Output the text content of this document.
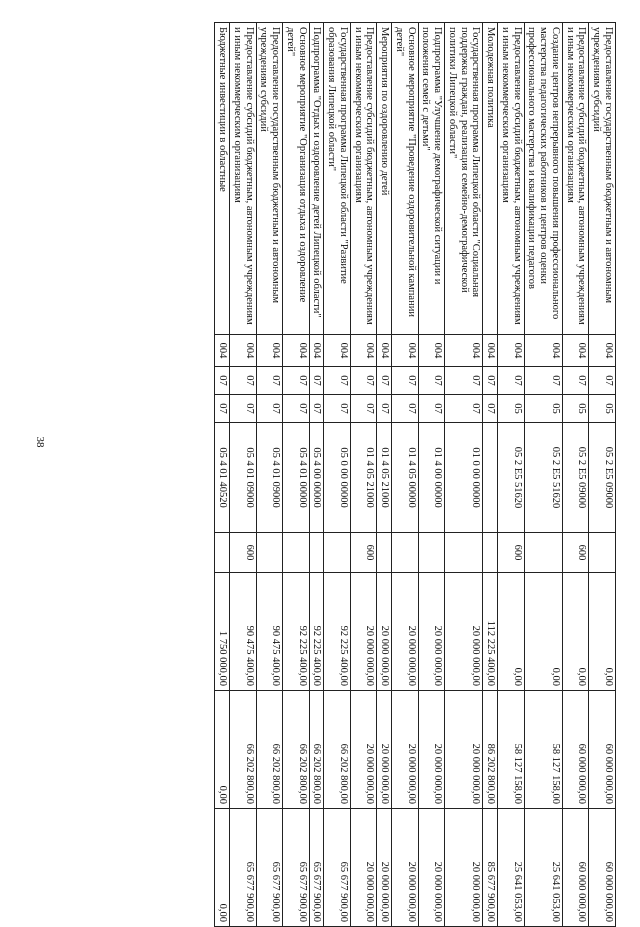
38
Предоставление государственным бюджетным и автономным учреждениям субсидий	004	07	05	05 2 E5 09000		0,00	60 000 000,00	60 000 000,00
Предоставление субсидий бюджетным, автономным учреждениям и иным некоммерческим организациям	004	07	05	05 2 E5 09000	600	0,00	60 000 000,00	60 000 000,00
Создание центров непрерывного повышения профессионального мастерства педагогических работников и центров оценки профессионального мастерства и квалификации педагогов	004	07	05	05 2 E5 51620		0,00	58 127 158,00	25 641 053,00
Предоставление субсидий бюджетным, автономным учреждениям и иным некоммерческим организациям	004	07	05	05 2 E5 51620	600	0,00	58 127 158,00	25 641 053,00
Молодежная политика	004	07	07			112 225 400,00	86 202 800,00	85 677 900,00
Государственная программа Липецкой области "Социальная поддержка граждан, реализация семейно-демографической политики Липецкой области"	004	07	07	01 0 00 00000		20 000 000,00	20 000 000,00	20 000 000,00
Подпрограмма "Улучшение демографической ситуации и положения семей с детьми"	004	07	07	01 4 00 00000		20 000 000,00	20 000 000,00	20 000 000,00
Основное мероприятие "Проведение оздоровительной кампании детей"	004	07	07	01 4 05 00000		20 000 000,00	20 000 000,00	20 000 000,00
Мероприятия по оздоровлению детей	004	07	07	01 4 05 21000		20 000 000,00	20 000 000,00	20 000 000,00
Предоставление субсидий бюджетным, автономным учреждениям и иным некоммерческим организациям	004	07	07	01 4 05 21000	600	20 000 000,00	20 000 000,00	20 000 000,00
Государственная программа Липецкой области "Развитие образования Липецкой области"	004	07	07	05 0 00 00000		92 225 400,00	66 202 800,00	65 677 900,00
Подпрограмма "Отдых и оздоровление детей Липецкой области"	004	07	07	05 4 00 00000		92 225 400,00	66 202 800,00	65 677 900,00
Основное мероприятие "Организация отдыха и оздоровление детей"	004	07	07	05 4 01 00000		92 225 400,00	66 202 800,00	65 677 900,00
Предоставление государственным бюджетным и автономным учреждениям субсидий	004	07	07	05 4 01 09000		90 475 400,00	66 202 800,00	65 677 900,00
Предоставление субсидий бюджетным, автономным учреждениям и иным некоммерческим организациям	004	07	07	05 4 01 09000	600	90 475 400,00	66 202 800,00	65 677 900,00
Бюджетные инвестиции в областные	004	07	07	05 4 01 40520		1 750 000,00	0,00	0,00
